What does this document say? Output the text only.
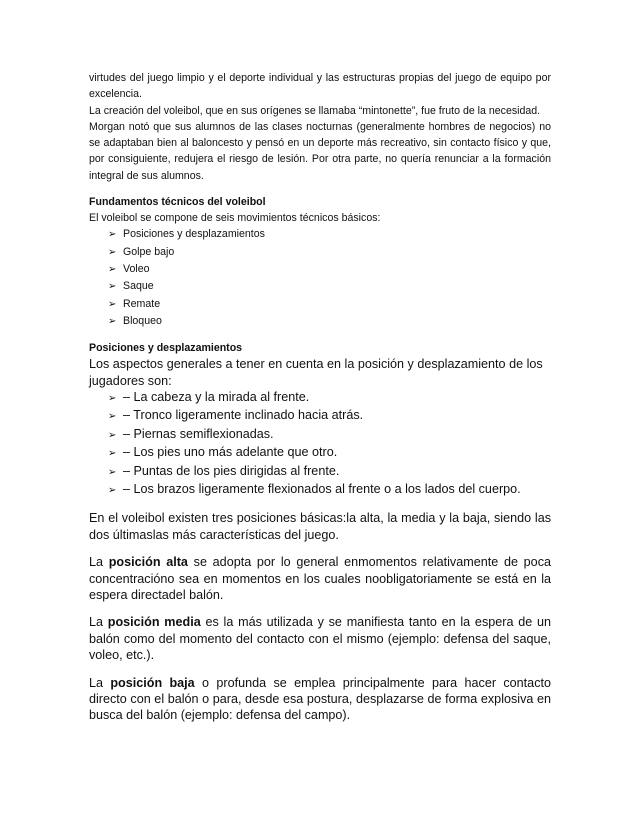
virtudes del juego limpio y el deporte individual y las estructuras propias del juego de equipo por excelencia.

La creación del voleibol, que en sus orígenes se llamaba “mintonette”, fue fruto de la necesidad.

Morgan notó que sus alumnos de las clases nocturnas (generalmente hombres de negocios) no se adaptaban bien al baloncesto y pensó en un deporte más recreativo, sin contacto físico y que, por consiguiente, redujera el riesgo de lesión. Por otra parte, no quería renunciar a la formación integral de sus alumnos.

Fundamentos técnicos del voleibol

El voleibol se compone de seis movimientos técnicos básicos:

➢ Posiciones y desplazamientos
➢ Golpe bajo
➢ Voleo
➢ Saque
➢ Remate
➢ Bloqueo

Posiciones y desplazamientos

Los aspectos generales a tener en cuenta en la posición y desplazamiento de los jugadores son:

➢ – La cabeza y la mirada al frente.
➢ – Tronco ligeramente inclinado hacia atrás.
➢ – Piernas semiflexionadas.
➢ – Los pies uno más adelante que otro.
➢ – Puntas de los pies dirigidas al frente.
➢ – Los brazos ligeramente flexionados al frente o a los lados del cuerpo.

En el voleibol existen tres posiciones básicas:la alta, la media y la baja, siendo las dos últimaslas más características del juego.

La posición alta se adopta por lo general enmomentos relativamente de poca concentracióno sea en momentos en los cuales noobligatoriamente se está en la espera directadel balón.

La posición media es la más utilizada y se manifiesta tanto en la espera de un balón como del momento del contacto con el mismo (ejemplo: defensa del saque, voleo, etc.).

La posición baja o profunda se emplea principalmente para hacer contacto directo con el balón o para, desde esa postura, desplazarse de forma explosiva en busca del balón (ejemplo: defensa del campo).
